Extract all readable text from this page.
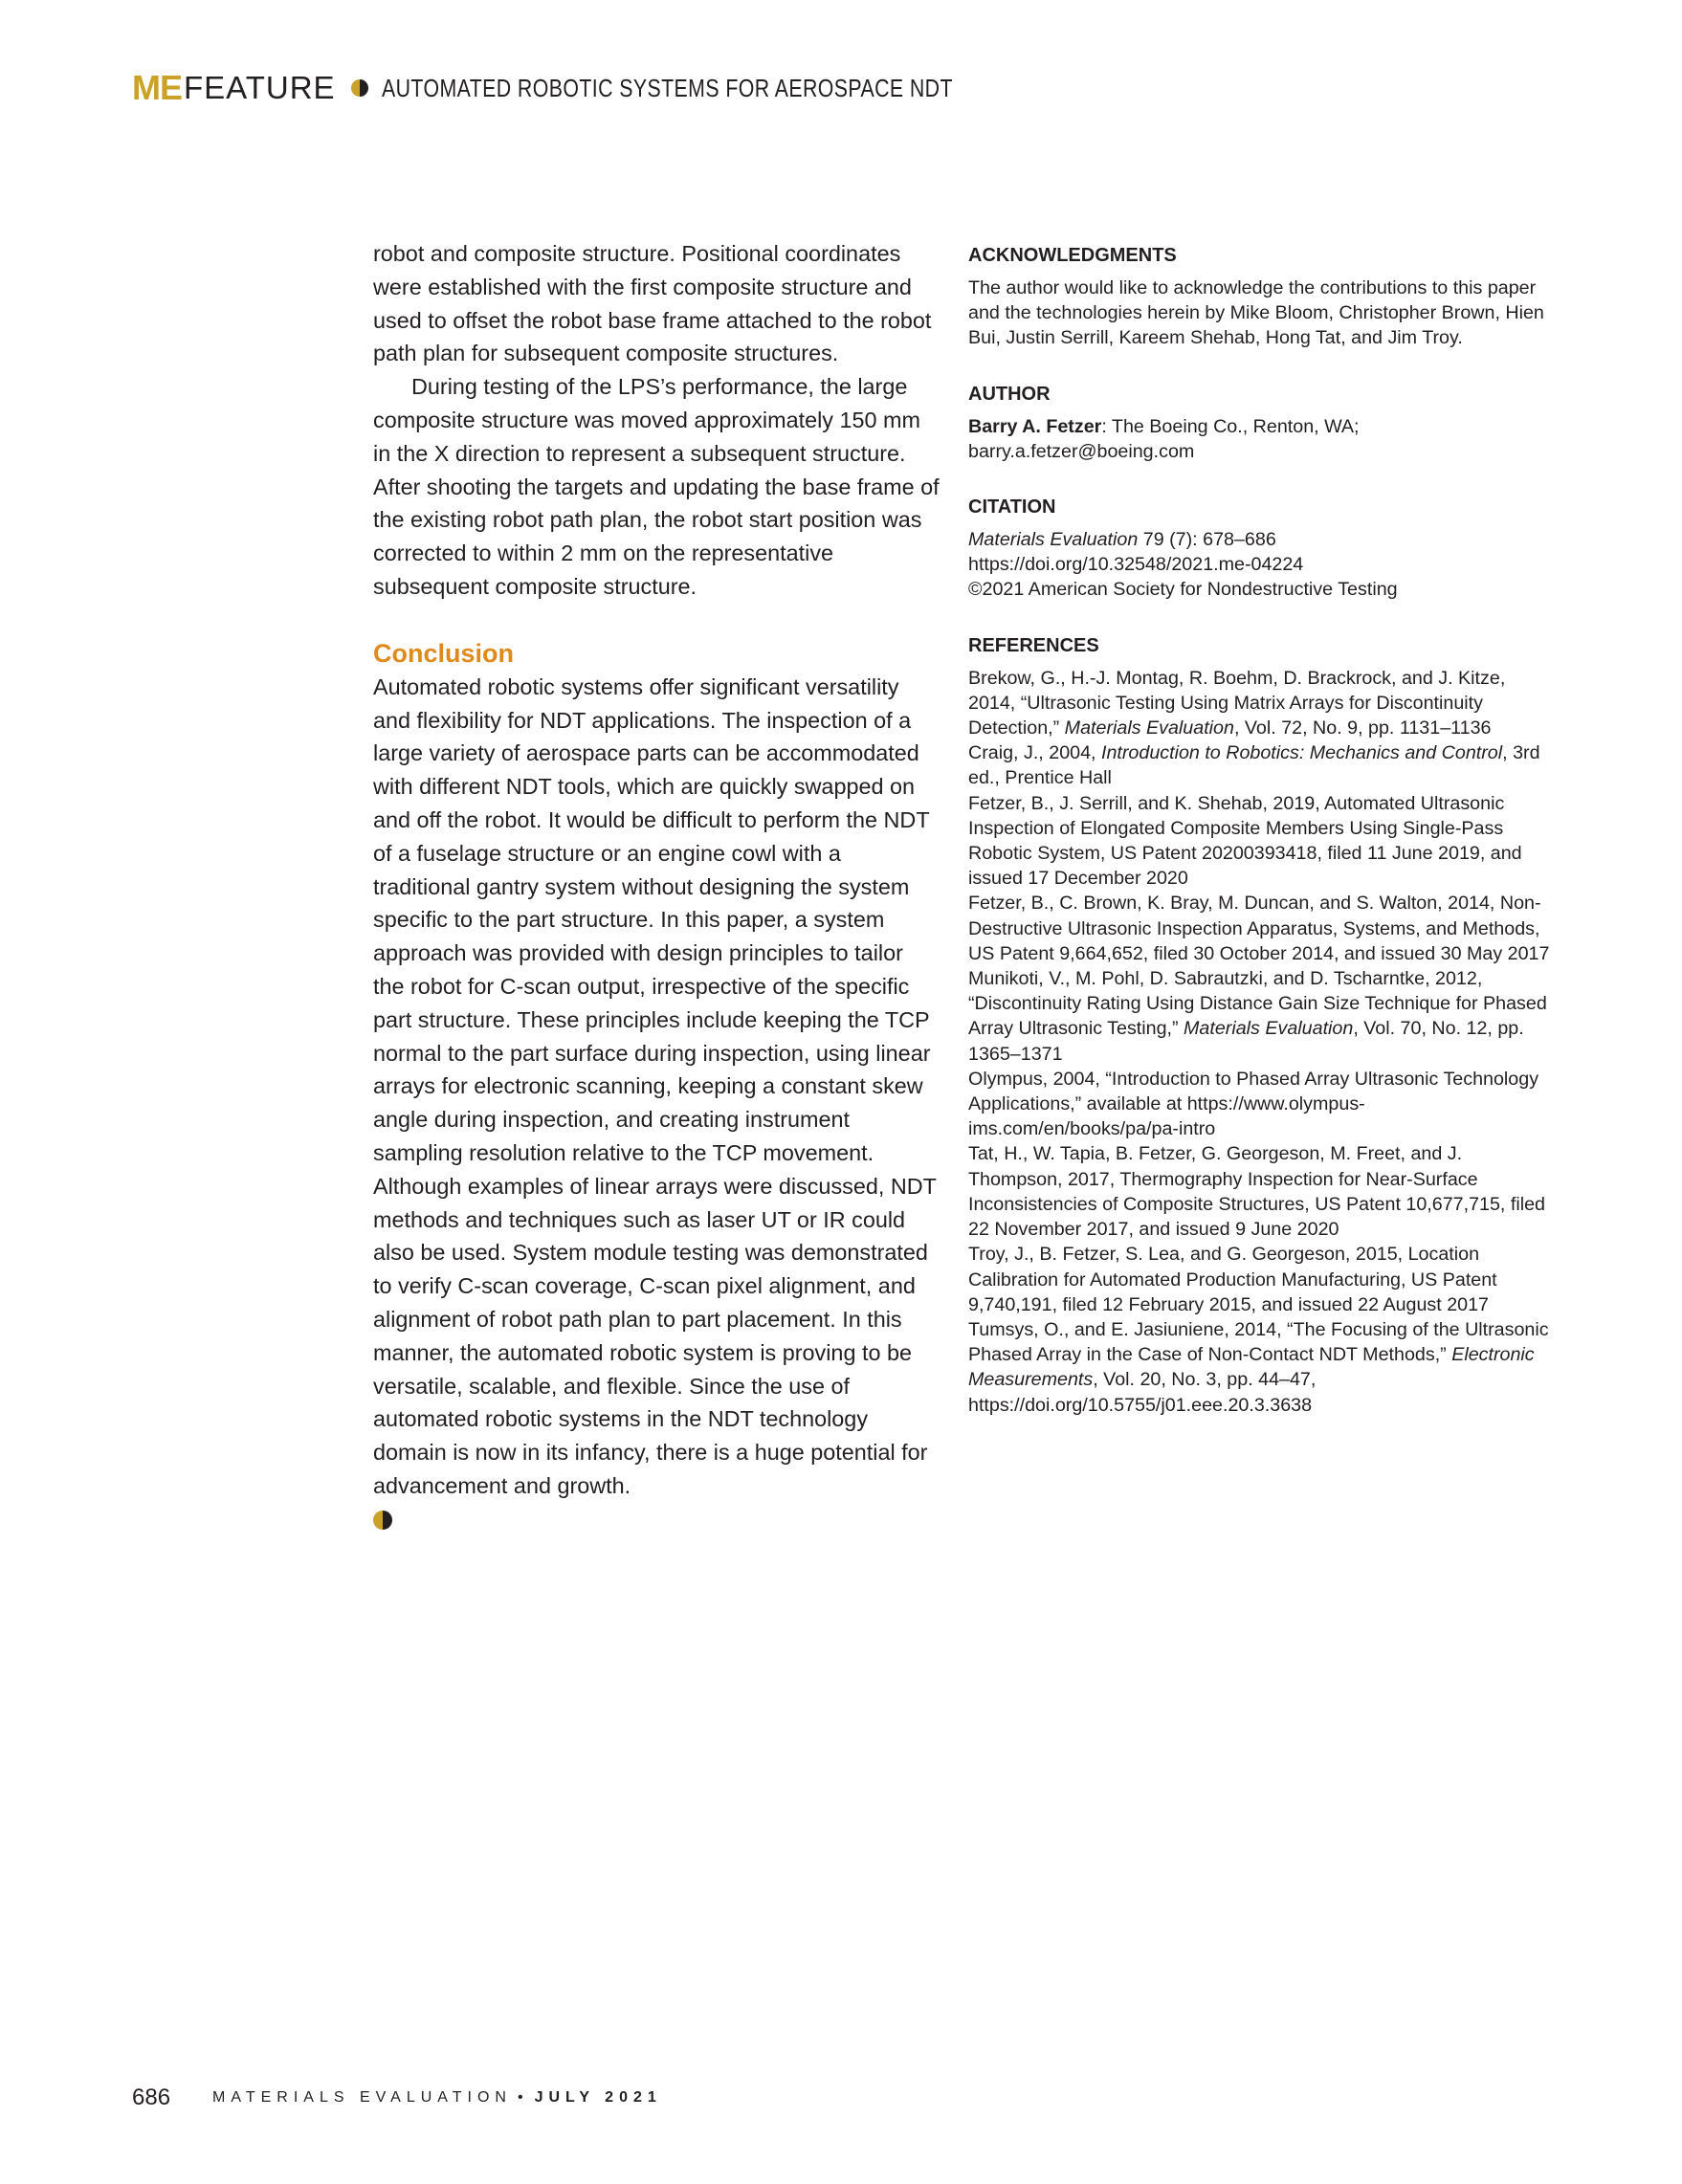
ME FEATURE AUTOMATED ROBOTIC SYSTEMS FOR AEROSPACE NDT

robot and composite structure. Positional coordinates were established with the first composite structure and used to offset the robot base frame attached to the robot path plan for subsequent composite structures.

During testing of the LPS’s performance, the large composite structure was moved approximately 150 mm in the X direction to represent a subsequent structure. After shooting the targets and updating the base frame of the existing robot path plan, the robot start position was corrected to within 2 mm on the representative subsequent composite structure.

Conclusion

Automated robotic systems offer significant versatility and flexibility for NDT applications. The inspection of a large variety of aerospace parts can be accommodated with different NDT tools, which are quickly swapped on and off the robot. It would be difficult to perform the NDT of a fuselage structure or an engine cowl with a traditional gantry system without designing the system specific to the part structure. In this paper, a system approach was provided with design principles to tailor the robot for C-scan output, irrespective of the specific part structure. These principles include keeping the TCP normal to the part surface during inspection, using linear arrays for electronic scanning, keeping a constant skew angle during inspection, and creating instrument sampling resolution relative to the TCP movement. Although examples of linear arrays were discussed, NDT methods and techniques such as laser UT or IR could also be used. System module testing was demonstrated to verify C-scan coverage, C-scan pixel alignment, and alignment of robot path plan to part placement. In this manner, the automated robotic system is proving to be versatile, scalable, and flexible. Since the use of automated robotic systems in the NDT technology domain is now in its infancy, there is a huge potential for advancement and growth.

ACKNOWLEDGMENTS

The author would like to acknowledge the contributions to this paper and the technologies herein by Mike Bloom, Christopher Brown, Hien Bui, Justin Serrill, Kareem Shehab, Hong Tat, and Jim Troy.

AUTHOR

Barry A. Fetzer: The Boeing Co., Renton, WA;

barry.a.fetzer@boeing.com

CITATION

Materials Evaluation 79 (7): 678–686

https://doi.org/10.32548/2021.me-04224

©2021 American Society for Nondestructive Testing

REFERENCES

Brekow, G., H.-J. Montag, R. Boehm, D. Brackrock, and J. Kitze, 2014, “Ultrasonic Testing Using Matrix Arrays for Discontinuity Detection,” Materials Evaluation, Vol. 72, No. 9, pp. 1131–1136

Craig, J., 2004, Introduction to Robotics: Mechanics and Control, 3rd ed., Prentice Hall

Fetzer, B., J. Serrill, and K. Shehab, 2019, Automated Ultrasonic Inspection of Elongated Composite Members Using Single-Pass Robotic System, US Patent 20200393418, filed 11 June 2019, and issued 17 December 2020

Fetzer, B., C. Brown, K. Bray, M. Duncan, and S. Walton, 2014, Non-Destructive Ultrasonic Inspection Apparatus, Systems, and Methods, US Patent 9,664,652, filed 30 October 2014, and issued 30 May 2017

Munikoti, V., M. Pohl, D. Sabrautzki, and D. Tscharntke, 2012, “Discontinuity Rating Using Distance Gain Size Technique for Phased Array Ultrasonic Testing,” Materials Evaluation, Vol. 70, No. 12, pp. 1365–1371

Olympus, 2004, “Introduction to Phased Array Ultrasonic Technology Applications,” available at https://www.olympus-ims.com/en/books/pa/pa-intro

Tat, H., W. Tapia, B. Fetzer, G. Georgeson, M. Freet, and J. Thompson, 2017, Thermography Inspection for Near-Surface Inconsistencies of Composite Structures, US Patent 10,677,715, filed 22 November 2017, and issued 9 June 2020

Troy, J., B. Fetzer, S. Lea, and G. Georgeson, 2015, Location Calibration for Automated Production Manufacturing, US Patent 9,740,191, filed 12 February 2015, and issued 22 August 2017

Tumsys, O., and E. Jasiuniene, 2014, “The Focusing of the Ultrasonic Phased Array in the Case of Non-Contact NDT Methods,” Electronic Measurements, Vol. 20, No. 3, pp. 44–47, https://doi.org/10.5755/j01.eee.20.3.3638

686	MATERIALS EVALUATION • JULY 2021
